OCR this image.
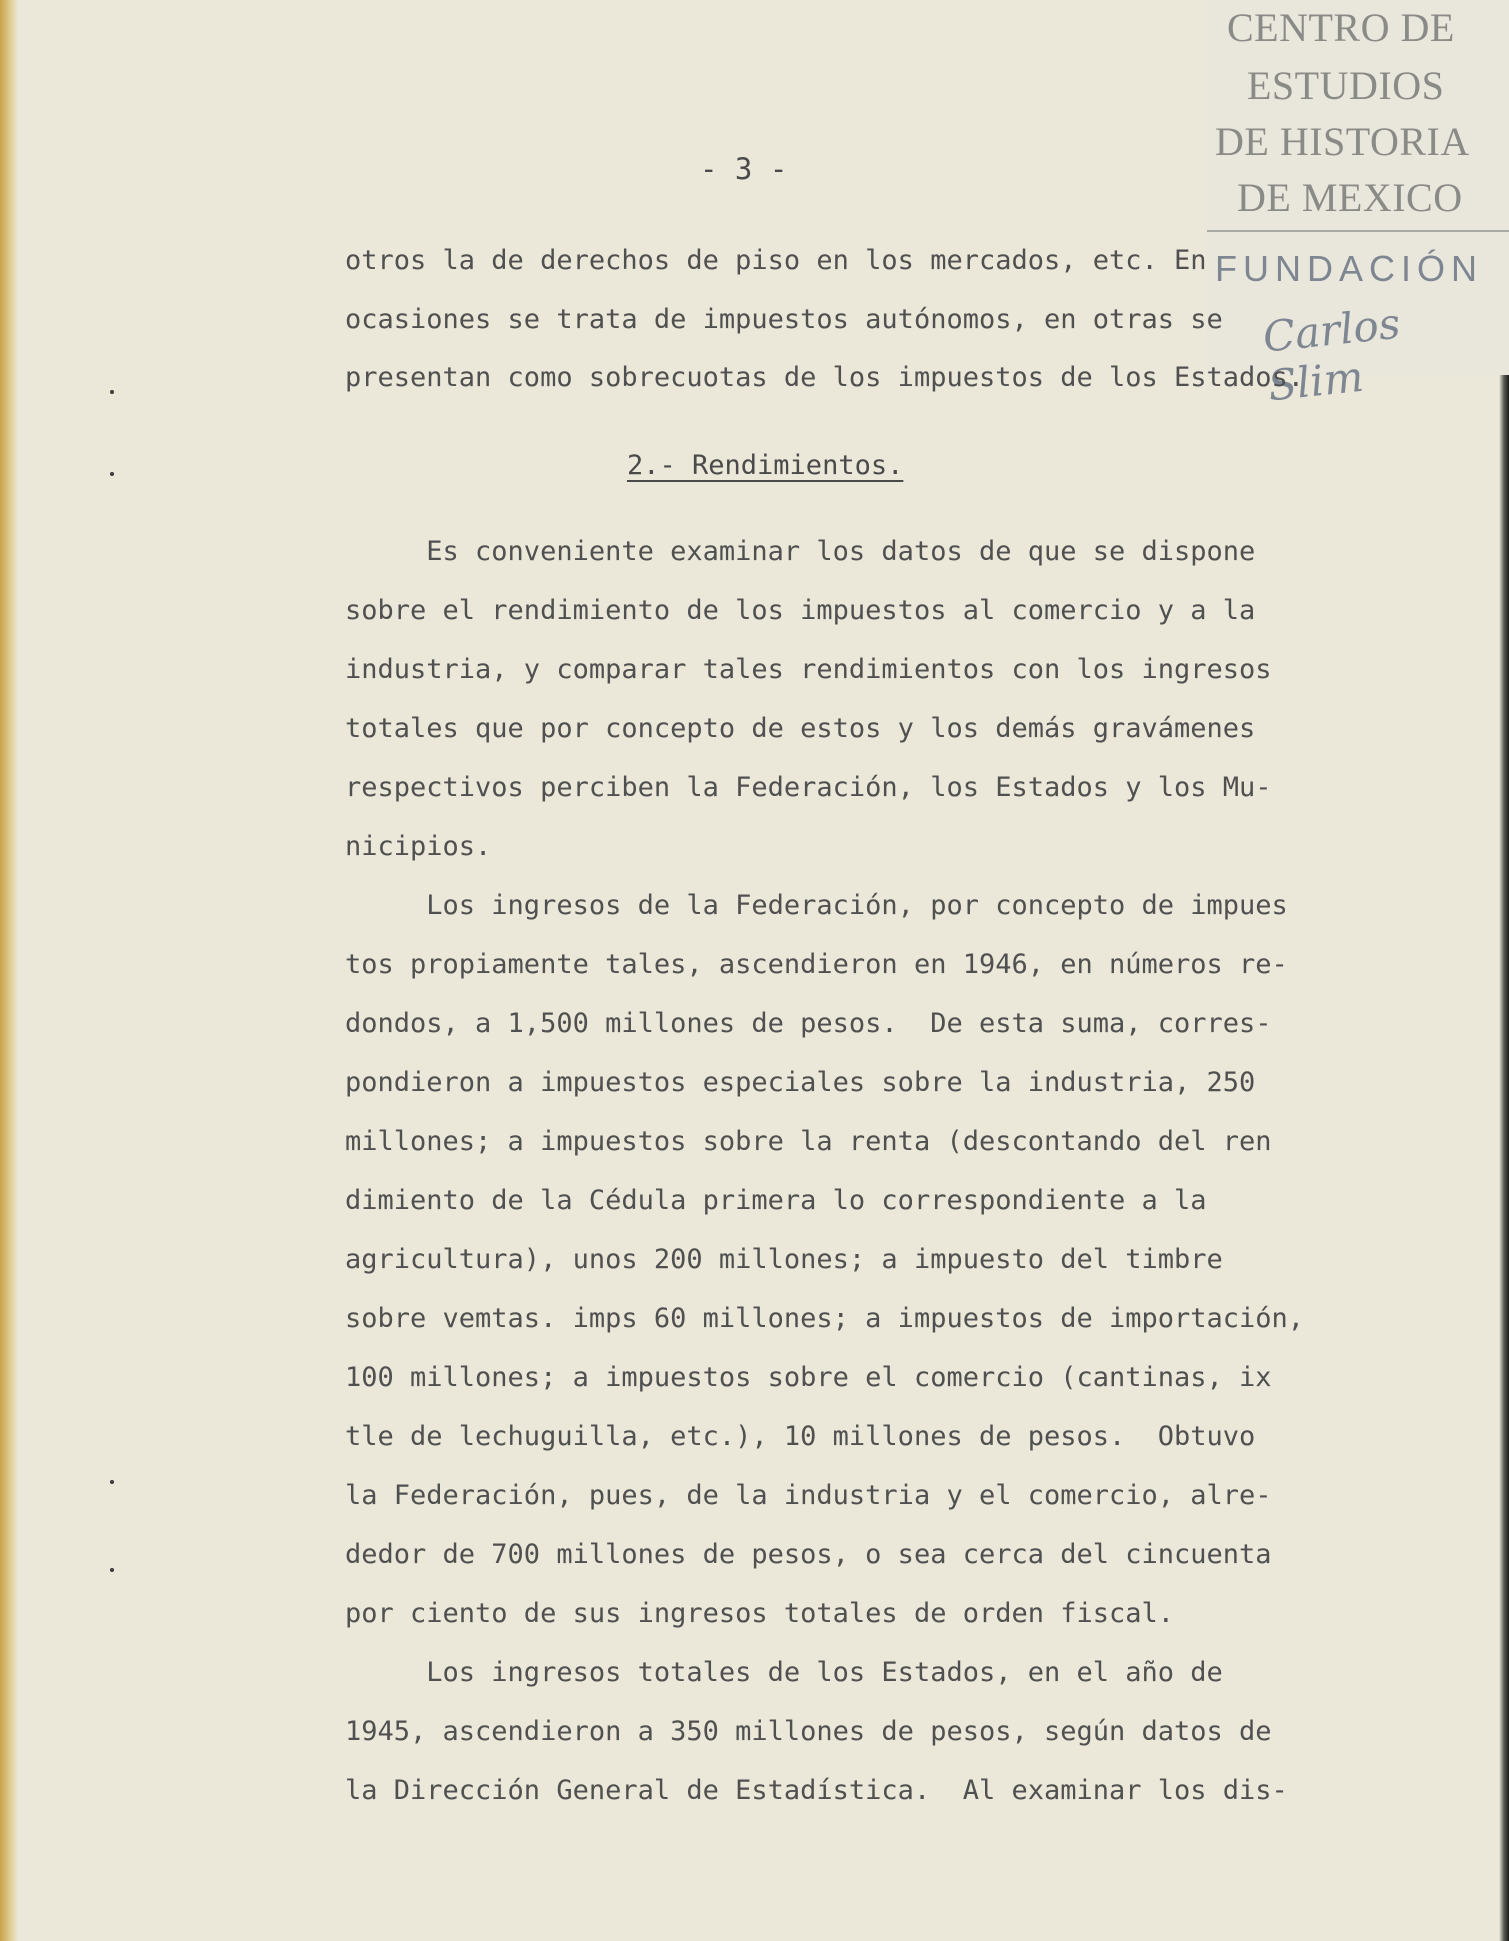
CENTRO DE
ESTUDIOS
DE HISTORIA
DE MEXICO
FUNDACIÓN
Carlos Slim
- 3 -
otros la de derechos de piso en los mercados, etc. En
ocasiones se trata de impuestos autónomos, en otras se
presentan como sobrecuotas de los impuestos de los Estados.
2.- Rendimientos.
Es conveniente examinar los datos de que se dispone
sobre el rendimiento de los impuestos al comercio y a la
industria, y comparar tales rendimientos con los ingresos
totales que por concepto de estos y los demás gravámenes
respectivos perciben la Federación, los Estados y los Mu-
nicipios.
Los ingresos de la Federación, por concepto de impues
tos propiamente tales, ascendieron en 1946, en números re-
dondos, a 1,500 millones de pesos.  De esta suma, corres-
pondieron a impuestos especiales sobre la industria, 250
millones; a impuestos sobre la renta (descontando del ren
dimiento de la Cédula primera lo correspondiente a la
agricultura), unos 200 millones; a impuesto del timbre
sobre vemtas. imps 60 millones; a impuestos de importación,
100 millones; a impuestos sobre el comercio (cantinas, ix
tle de lechuguilla, etc.), 10 millones de pesos.  Obtuvo
la Federación, pues, de la industria y el comercio, alre-
dedor de 700 millones de pesos, o sea cerca del cincuenta
por ciento de sus ingresos totales de orden fiscal.
Los ingresos totales de los Estados, en el año de
1945, ascendieron a 350 millones de pesos, según datos de
la Dirección General de Estadística.  Al examinar los dis-
